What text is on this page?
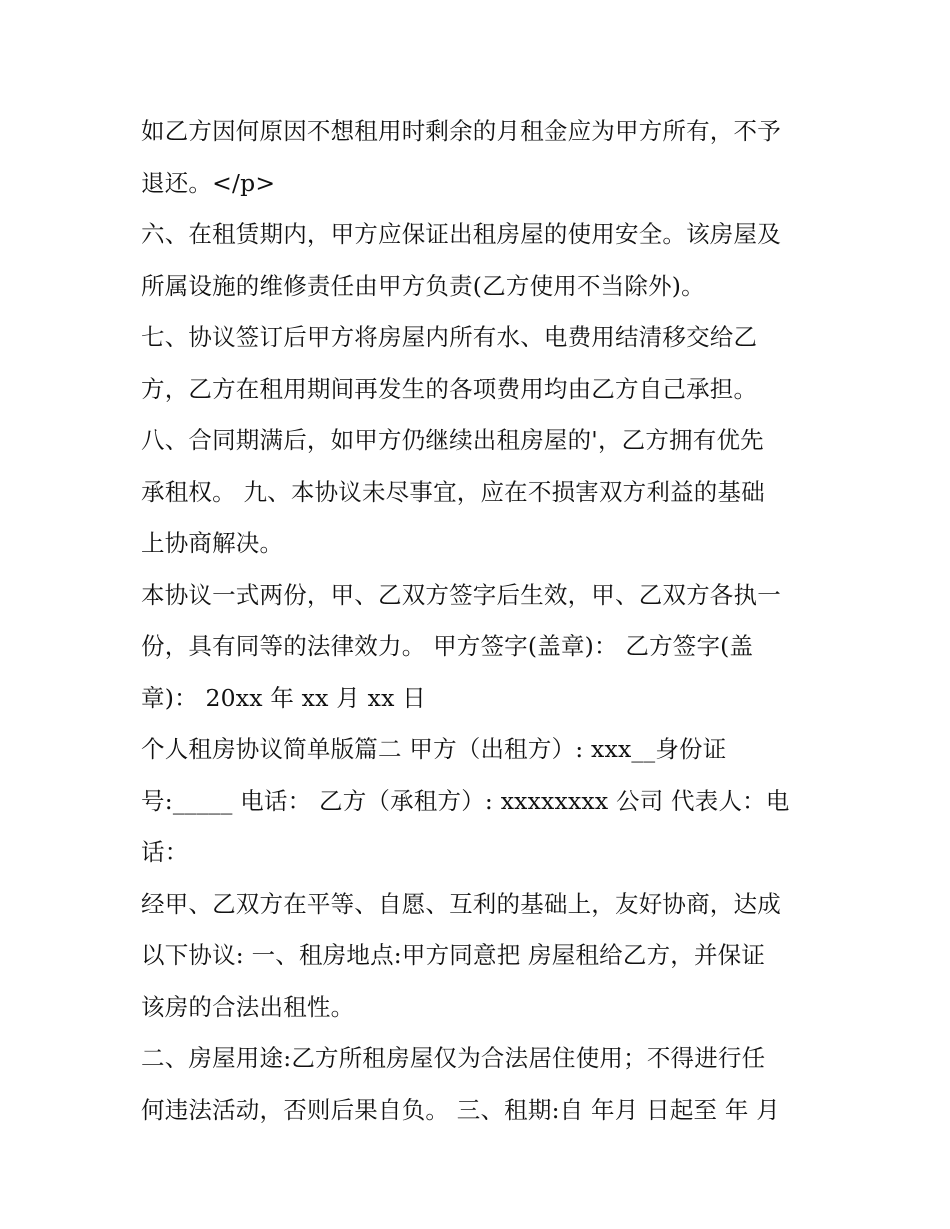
如乙方因何原因不想租用时剩余的月租金应为甲方所有，不予
退还。</p>
六、在租赁期内，甲方应保证出租房屋的使用安全。该房屋及
所属设施的维修责任由甲方负责(乙方使用不当除外)。
七、协议签订后甲方将房屋内所有水、电费用结清移交给乙
方，乙方在租用期间再发生的各项费用均由乙方自己承担。
八、合同期满后，如甲方仍继续出租房屋的'，乙方拥有优先
承租权。 九、本协议未尽事宜，应在不损害双方利益的基础
上协商解决。
本协议一式两份，甲、乙双方签字后生效，甲、乙双方各执一
份，具有同等的法律效力。 甲方签字(盖章)： 乙方签字(盖
章)： 20xx 年 xx 月 xx 日
个人租房协议简单版篇二 甲方（出租方）: xxx__身份证
号:_____ 电话： 乙方（承租方）: xxxxxxxx 公司 代表人：电
话：
经甲、乙双方在平等、自愿、互利的基础上，友好协商，达成
以下协议: 一、租房地点:甲方同意把 房屋租给乙方，并保证
该房的合法出租性。
二、房屋用途:乙方所租房屋仅为合法居住使用；不得进行任
何违法活动，否则后果自负。 三、租期:自 年月 日起至 年 月
